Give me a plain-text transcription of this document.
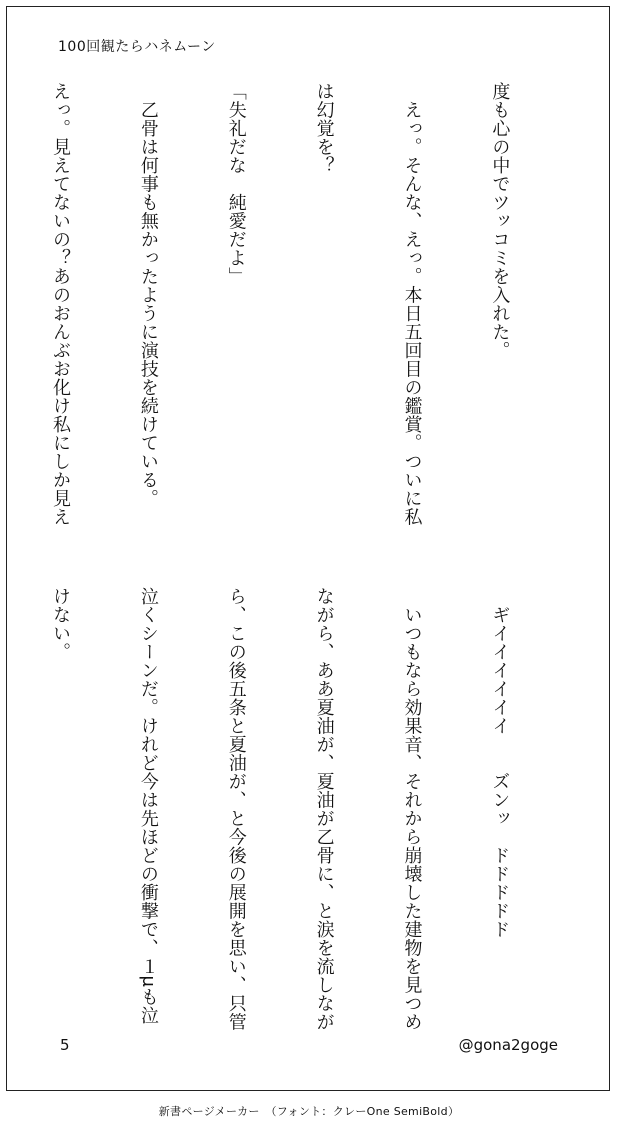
100回観たらハネムーン

度も心の中でツッコミを入れた。

　えっ。そんな、えっ。本日五回目の鑑賞。ついに私

は幻覚を？

「失礼だな　純愛だよ」

　乙骨は何事も無かったように演技を続けている。

えっ。見えてないの？あのおんぶお化け私にしか見え

　ギイイイイイイ　　ズンッ　ドドドドド

　いつもなら効果音、それから崩壊した建物を見つめ

ながら、ああ夏油が、夏油が乙骨に、と涙を流しなが

ら、この後五条と夏油が、と今後の展開を思い、只管

泣くシーンだ。けれど今は先ほどの衝撃で、１μも泣

けない。

5	@gona2goge
新書ページメーカー　（フォント：クレーOne SemiBold）
